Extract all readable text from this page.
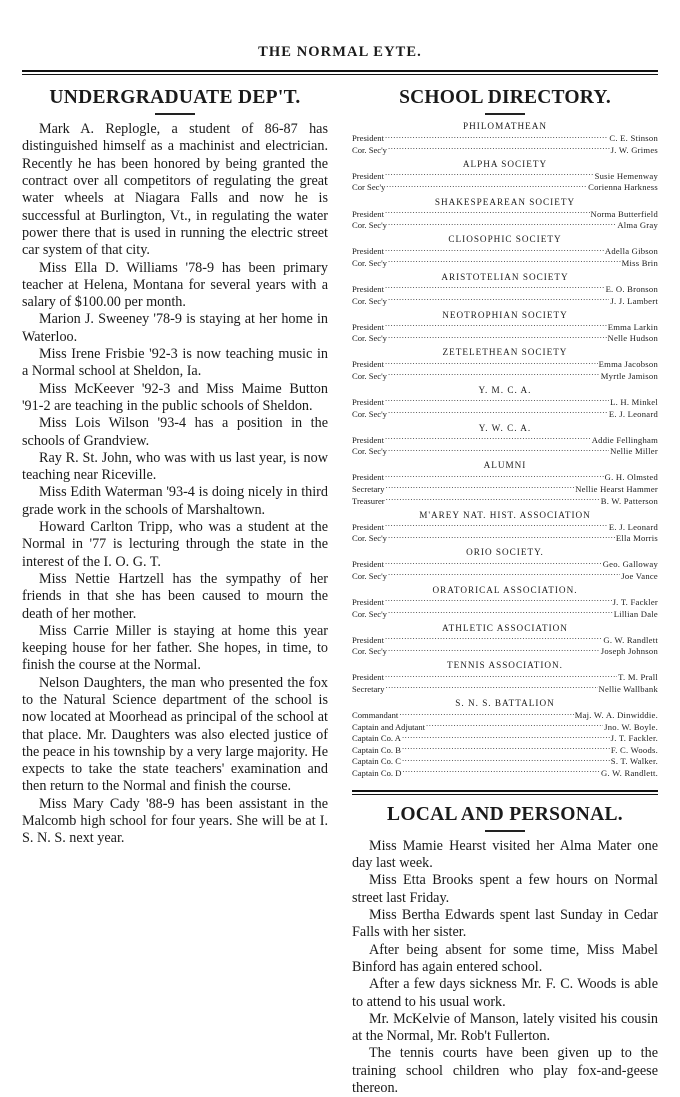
THE NORMAL EYTE.
UNDERGRADUATE DEP'T.

Mark A. Replogle, a student of 86-87 has distinguished himself as a machinist and electrician. Recently he has been honored by being granted the contract over all competitors of regulating the great water wheels at Niagara Falls and now he is successful at Burlington, Vt., in regulating the water power there that is used in running the electric street car system of that city.

Miss Ella D. Williams '78-9 has been primary teacher at Helena, Montana for several years with a salary of $100.00 per month.

Marion J. Sweeney '78-9 is staying at her home in Waterloo.

Miss Irene Frisbie '92-3 is now teaching music in a Normal school at Sheldon, Ia.

Miss McKeever '92-3 and Miss Maime Button '91-2 are teaching in the public schools of Sheldon.

Miss Lois Wilson '93-4 has a position in the schools of Grandview.

Ray R. St. John, who was with us last year, is now teaching near Riceville.

Miss Edith Waterman '93-4 is doing nicely in third grade work in the schools of Marshaltown.

Howard Carlton Tripp, who was a student at the Normal in '77 is lecturing through the state in the interest of the I. O. G. T.

Miss Nettie Hartzell has the sympathy of her friends in that she has been caused to mourn the death of her mother.

Miss Carrie Miller is staying at home this year keeping house for her father. She hopes, in time, to finish the course at the Normal.

Nelson Daughters, the man who presented the fox to the Natural Science department of the school is now located at Moorhead as principal of the school at that place. Mr. Daughters was also elected justice of the peace in his township by a very large majority. He expects to take the state teachers' examination and then return to the Normal and finish the course.

Miss Mary Cady '88-9 has been assistant in the Malcomb high school for four years. She will be at I. S. N. S. next year.

SCHOOL DIRECTORY.
PHILOMATHEAN
President .....	C. E. Stinson
Cor. Sec'y .....	J. W. Grimes
ALPHA SOCIETY
President .....	Susie Hemenway
Cor Sec'y .....	Corienna Harkness
SHAKESPEAREAN SOCIETY
President .....	Norma Butterfield
Cor. Sec'y .....	Alma Gray
CLIOSOPHIC SOCIETY
President .....	Adella Gibson
Cor. Sec'y .....	Miss Brin
ARISTOTELIAN SOCIETY
President .....	E. O. Bronson
Cor. Sec'y .....	J. J. Lambert
NEOTROPHIAN SOCIETY
President .....	Emma Larkin
Cor. Sec'y .....	Nelle Hudson
ZETELETHEAN SOCIETY
President .....	Emma Jacobson
Cor. Sec'y .....	Myrtle Jamison
Y. M. C. A.
President .....	L. H. Minkel
Cor. Sec'y .....	E. J. Leonard
Y. W. C. A.
President .....	Addie Fellingham
Cor. Sec'y .....	Nellie Miller
ALUMNI
President .....	G. H. Olmsted
Secretary .....	Nellie Hearst Hammer
Treasurer .....	B. W. Patterson
M'AREY NAT. HIST. ASSOCIATION
President .....	E. J. Leonard
Cor. Sec'y .....	Ella Morris
ORIO SOCIETY.
President .....	Geo. Galloway
Cor. Sec'y .....	Joe Vance
ORATORICAL ASSOCIATION.
President .....	J. T. Fackler
Cor. Sec'y .....	Lillian Dale
ATHLETIC ASSOCIATION
President .....	G. W. Randlett
Cor. Sec'y .....	Joseph Johnson
TENNIS ASSOCIATION.
President .....	T. M. Prall
Secretary .....	Nellie Wallbank
S. N. S. BATTALION
Commandant .....	Maj. W. A. Dinwiddie.
Captain and Adjutant .....	Jno. W. Boyle.
Captain Co. A .....	J. T. Fackler.
Captain Co. B .....	F. C. Woods.
Captain Co. C .....	S. T. Walker.
Captain Co. D .....	G. W. Randlett.
LOCAL AND PERSONAL.

Miss Mamie Hearst visited her Alma Mater one day last week.

Miss Etta Brooks spent a few hours on Normal street last Friday.

Miss Bertha Edwards spent last Sunday in Cedar Falls with her sister.

After being absent for some time, Miss Mabel Binford has again entered school.

After a few days sickness Mr. F. C. Woods is able to attend to his usual work.

Mr. McKelvie of Manson, lately visited his cousin at the Normal, Mr. Rob't Fullerton.

The tennis courts have been given up to the training school children who play fox-and-geese thereon.
